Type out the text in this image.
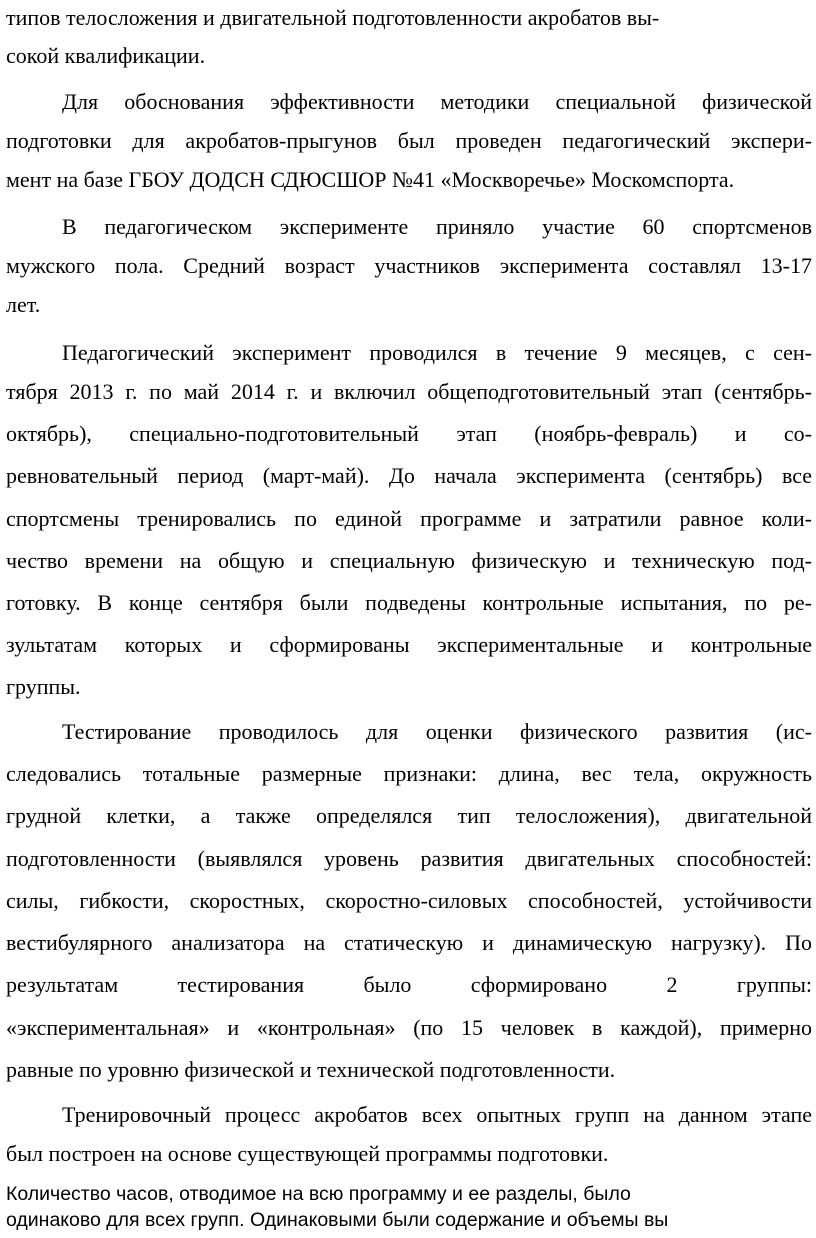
типов телосложения и двигательной подготовленности акробатов вы-
сокой квалификации.
Для обоснования эффективности методики специальной физической
подготовки для акробатов-прыгунов был проведен педагогический экспери-
мент на базе ГБОУ ДОДСН СДЮСШОР №41 «Москворечье» Москомспорта.
В педагогическом эксперименте приняло участие 60 спортсменов
мужского пола. Средний возраст участников эксперимента составлял 13-17
лет.
Педагогический эксперимент проводился в течение 9 месяцев, с сен-
тября 2013 г. по май 2014 г. и включил общеподготовительный этап (сентябрь-
октябрь), специально-подготовительный этап (ноябрь-февраль) и со-
ревновательный период (март-май). До начала эксперимента (сентябрь) все
спортсмены тренировались по единой программе и затратили равное коли-
чество времени на общую и специальную физическую и техническую под-
готовку. В конце сентября были подведены контрольные испытания, по ре-
зультатам которых и сформированы экспериментальные и контрольные
группы.
Тестирование проводилось для оценки физического развития (ис-
следовались тотальные размерные признаки: длина, вес тела, окружность
грудной клетки, а также определялся тип телосложения), двигательной
подготовленности (выявлялся уровень развития двигательных способностей:
силы, гибкости, скоростных, скоростно-силовых способностей, устойчивости
вестибулярного анализатора на статическую и динамическую нагрузку). По
результатам тестирования было сформировано 2 группы:
«экспериментальная» и «контрольная» (по 15 человек в каждой), примерно
равные по уровню физической и технической подготовленности.
Тренировочный процесс акробатов всех опытных групп на данном этапе
был построен на основе существующей программы подготовки.
Количество часов, отводимое на всю программу и ее разделы, было
одинаково для всех групп. Одинаковыми были содержание и объемы вы
